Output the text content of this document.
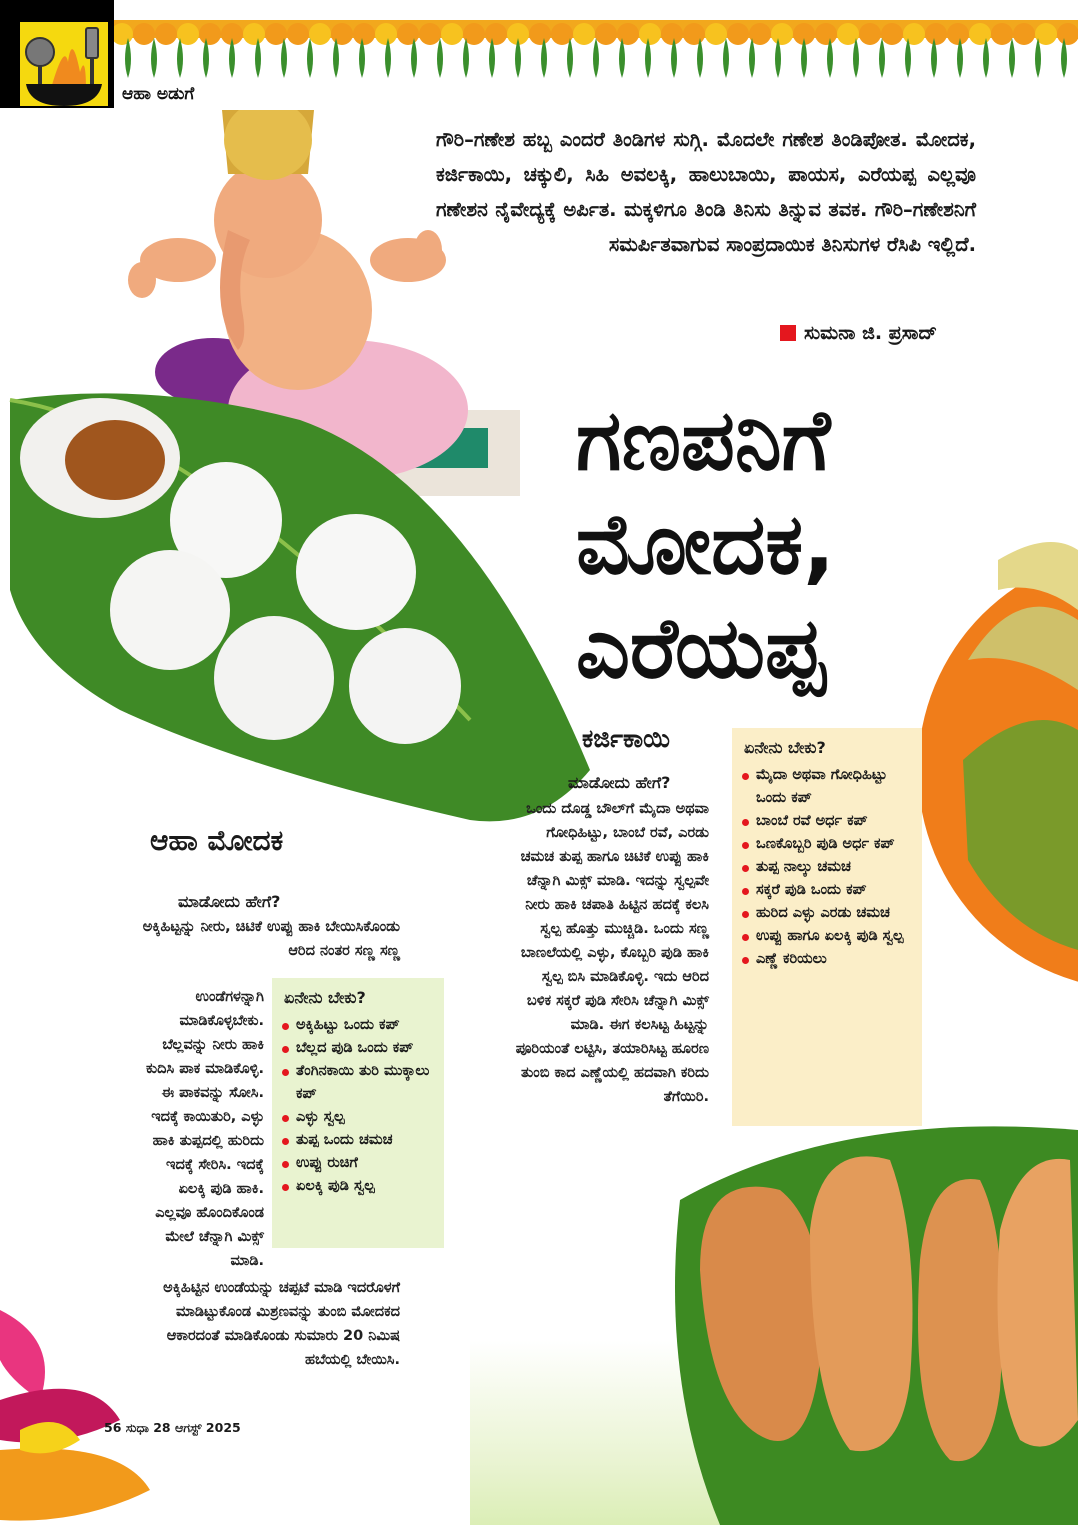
ಆಹಾ ಅಡುಗೆ
ಗೌರಿ–ಗಣೇಶ ಹಬ್ಬ ಎಂದರೆ ತಿಂಡಿಗಳ ಸುಗ್ಗಿ. ಮೊದಲೇ ಗಣೇಶ ತಿಂಡಿಪೋತ. ಮೋದಕ, ಕರ್ಜಿಕಾಯಿ, ಚಕ್ಕುಲಿ, ಸಿಹಿ ಅವಲಕ್ಕಿ, ಹಾಲುಬಾಯಿ, ಪಾಯಸ, ಎರೆಯಪ್ಪ ಎಲ್ಲವೂ ಗಣೇಶನ ನೈವೇದ್ಯಕ್ಕೆ ಅರ್ಪಿತ. ಮಕ್ಕಳಿಗೂ ತಿಂಡಿ ತಿನಿಸು ತಿನ್ನುವ ತವಕ. ಗೌರಿ–ಗಣೇಶನಿಗೆ ಸಮರ್ಪಿತವಾಗುವ ಸಾಂಪ್ರದಾಯಿಕ ತಿನಿಸುಗಳ ರೆಸಿಪಿ ಇಲ್ಲಿದೆ.
ಸುಮನಾ ಜಿ. ಪ್ರಸಾದ್
ಗಣಪನಿಗೆ
ಮೋದಕ,
ಎರೆಯಪ್ಪ
ಆಹಾ ಮೋದಕ
ಮಾಡೋದು ಹೇಗೆ?
ಅಕ್ಕಿಹಿಟ್ಟನ್ನು ನೀರು, ಚಿಟಿಕೆ ಉಪ್ಪು ಹಾಕಿ ಬೇಯಿಸಿಕೊಂಡು ಆರಿದ ನಂತರ ಸಣ್ಣ ಸಣ್ಣ
ಉಂಡೆಗಳನ್ನಾಗಿ ಮಾಡಿಕೊಳ್ಳಬೇಕು. ಬೆಲ್ಲವನ್ನು ನೀರು ಹಾಕಿ ಕುದಿಸಿ ಪಾಕ ಮಾಡಿಕೊಳ್ಳಿ. ಈ ಪಾಕವನ್ನು ಸೋಸಿ. ಇದಕ್ಕೆ ಕಾಯಿತುರಿ, ಎಳ್ಳು ಹಾಕಿ ತುಪ್ಪದಲ್ಲಿ ಹುರಿದು ಇದಕ್ಕೆ ಸೇರಿಸಿ. ಇದಕ್ಕೆ ಏಲಕ್ಕಿ ಪುಡಿ ಹಾಕಿ. ಎಲ್ಲವೂ ಹೊಂದಿಕೊಂಡ ಮೇಲೆ ಚೆನ್ನಾಗಿ ಮಿಕ್ಸ್ ಮಾಡಿ.
ಅಕ್ಕಿಹಿಟ್ಟಿನ ಉಂಡೆಯನ್ನು ಚಪ್ಪಟೆ ಮಾಡಿ ಇದರೊಳಗೆ ಮಾಡಿಟ್ಟುಕೊಂಡ ಮಿಶ್ರಣವನ್ನು ತುಂಬಿ ಮೋದಕದ ಆಕಾರದಂತೆ ಮಾಡಿಕೊಂಡು ಸುಮಾರು 20 ನಿಮಿಷ ಹಬೆಯಲ್ಲಿ ಬೇಯಿಸಿ.
ಏನೇನು ಬೇಕು?
ಅಕ್ಕಿಹಿಟ್ಟು ಒಂದು ಕಪ್
ಬೆಲ್ಲದ ಪುಡಿ ಒಂದು ಕಪ್
ತೆಂಗಿನಕಾಯಿ ತುರಿ ಮುಕ್ಕಾಲು ಕಪ್
ಎಳ್ಳು ಸ್ವಲ್ಪ
ತುಪ್ಪ ಒಂದು ಚಮಚ
ಉಪ್ಪು ರುಚಿಗೆ
ಏಲಕ್ಕಿ ಪುಡಿ ಸ್ವಲ್ಪ
ಕರ್ಜಿಕಾಯಿ
ಮಾಡೋದು ಹೇಗೆ?
ಒಂದು ದೊಡ್ಡ ಬೌಲ್‌ಗೆ ಮೈದಾ ಅಥವಾ ಗೋಧಿಹಿಟ್ಟು, ಬಾಂಬೆ ರವೆ, ಎರಡು ಚಮಚ ತುಪ್ಪ ಹಾಗೂ ಚಿಟಿಕೆ ಉಪ್ಪು ಹಾಕಿ ಚೆನ್ನಾಗಿ ಮಿಕ್ಸ್ ಮಾಡಿ. ಇದನ್ನು ಸ್ವಲ್ಪವೇ ನೀರು ಹಾಕಿ ಚಪಾತಿ ಹಿಟ್ಟಿನ ಹದಕ್ಕೆ ಕಲಸಿ ಸ್ವಲ್ಪ ಹೊತ್ತು ಮುಚ್ಚಿಡಿ. ಒಂದು ಸಣ್ಣ ಬಾಣಲೆಯಲ್ಲಿ ಎಳ್ಳು, ಕೊಬ್ಬರಿ ಪುಡಿ ಹಾಕಿ ಸ್ವಲ್ಪ ಬಿಸಿ ಮಾಡಿಕೊಳ್ಳಿ. ಇದು ಆರಿದ ಬಳಿಕ ಸಕ್ಕರೆ ಪುಡಿ ಸೇರಿಸಿ ಚೆನ್ನಾಗಿ ಮಿಕ್ಸ್ ಮಾಡಿ. ಈಗ ಕಲಸಿಟ್ಟ ಹಿಟ್ಟನ್ನು ಪೂರಿಯಂತೆ ಲಟ್ಟಿಸಿ, ತಯಾರಿಸಿಟ್ಟ ಹೂರಣ ತುಂಬಿ ಕಾದ ಎಣ್ಣೆಯಲ್ಲಿ ಹದವಾಗಿ ಕರಿದು ತೆಗೆಯಿರಿ.
ಏನೇನು ಬೇಕು?
ಮೈದಾ ಅಥವಾ ಗೋಧಿಹಿಟ್ಟು ಒಂದು ಕಪ್
ಬಾಂಬೆ ರವೆ ಅರ್ಧ ಕಪ್
ಒಣಕೊಬ್ಬರಿ ಪುಡಿ ಅರ್ಧ ಕಪ್
ತುಪ್ಪ ನಾಲ್ಕು ಚಮಚ
ಸಕ್ಕರೆ ಪುಡಿ ಒಂದು ಕಪ್
ಹುರಿದ ಎಳ್ಳು ಎರಡು ಚಮಚ
ಉಪ್ಪು ಹಾಗೂ ಏಲಕ್ಕಿ ಪುಡಿ ಸ್ವಲ್ಪ
ಎಣ್ಣೆ ಕರಿಯಲು
56 ಸುಧಾ 28 ಆಗಸ್ಟ್ 2025
